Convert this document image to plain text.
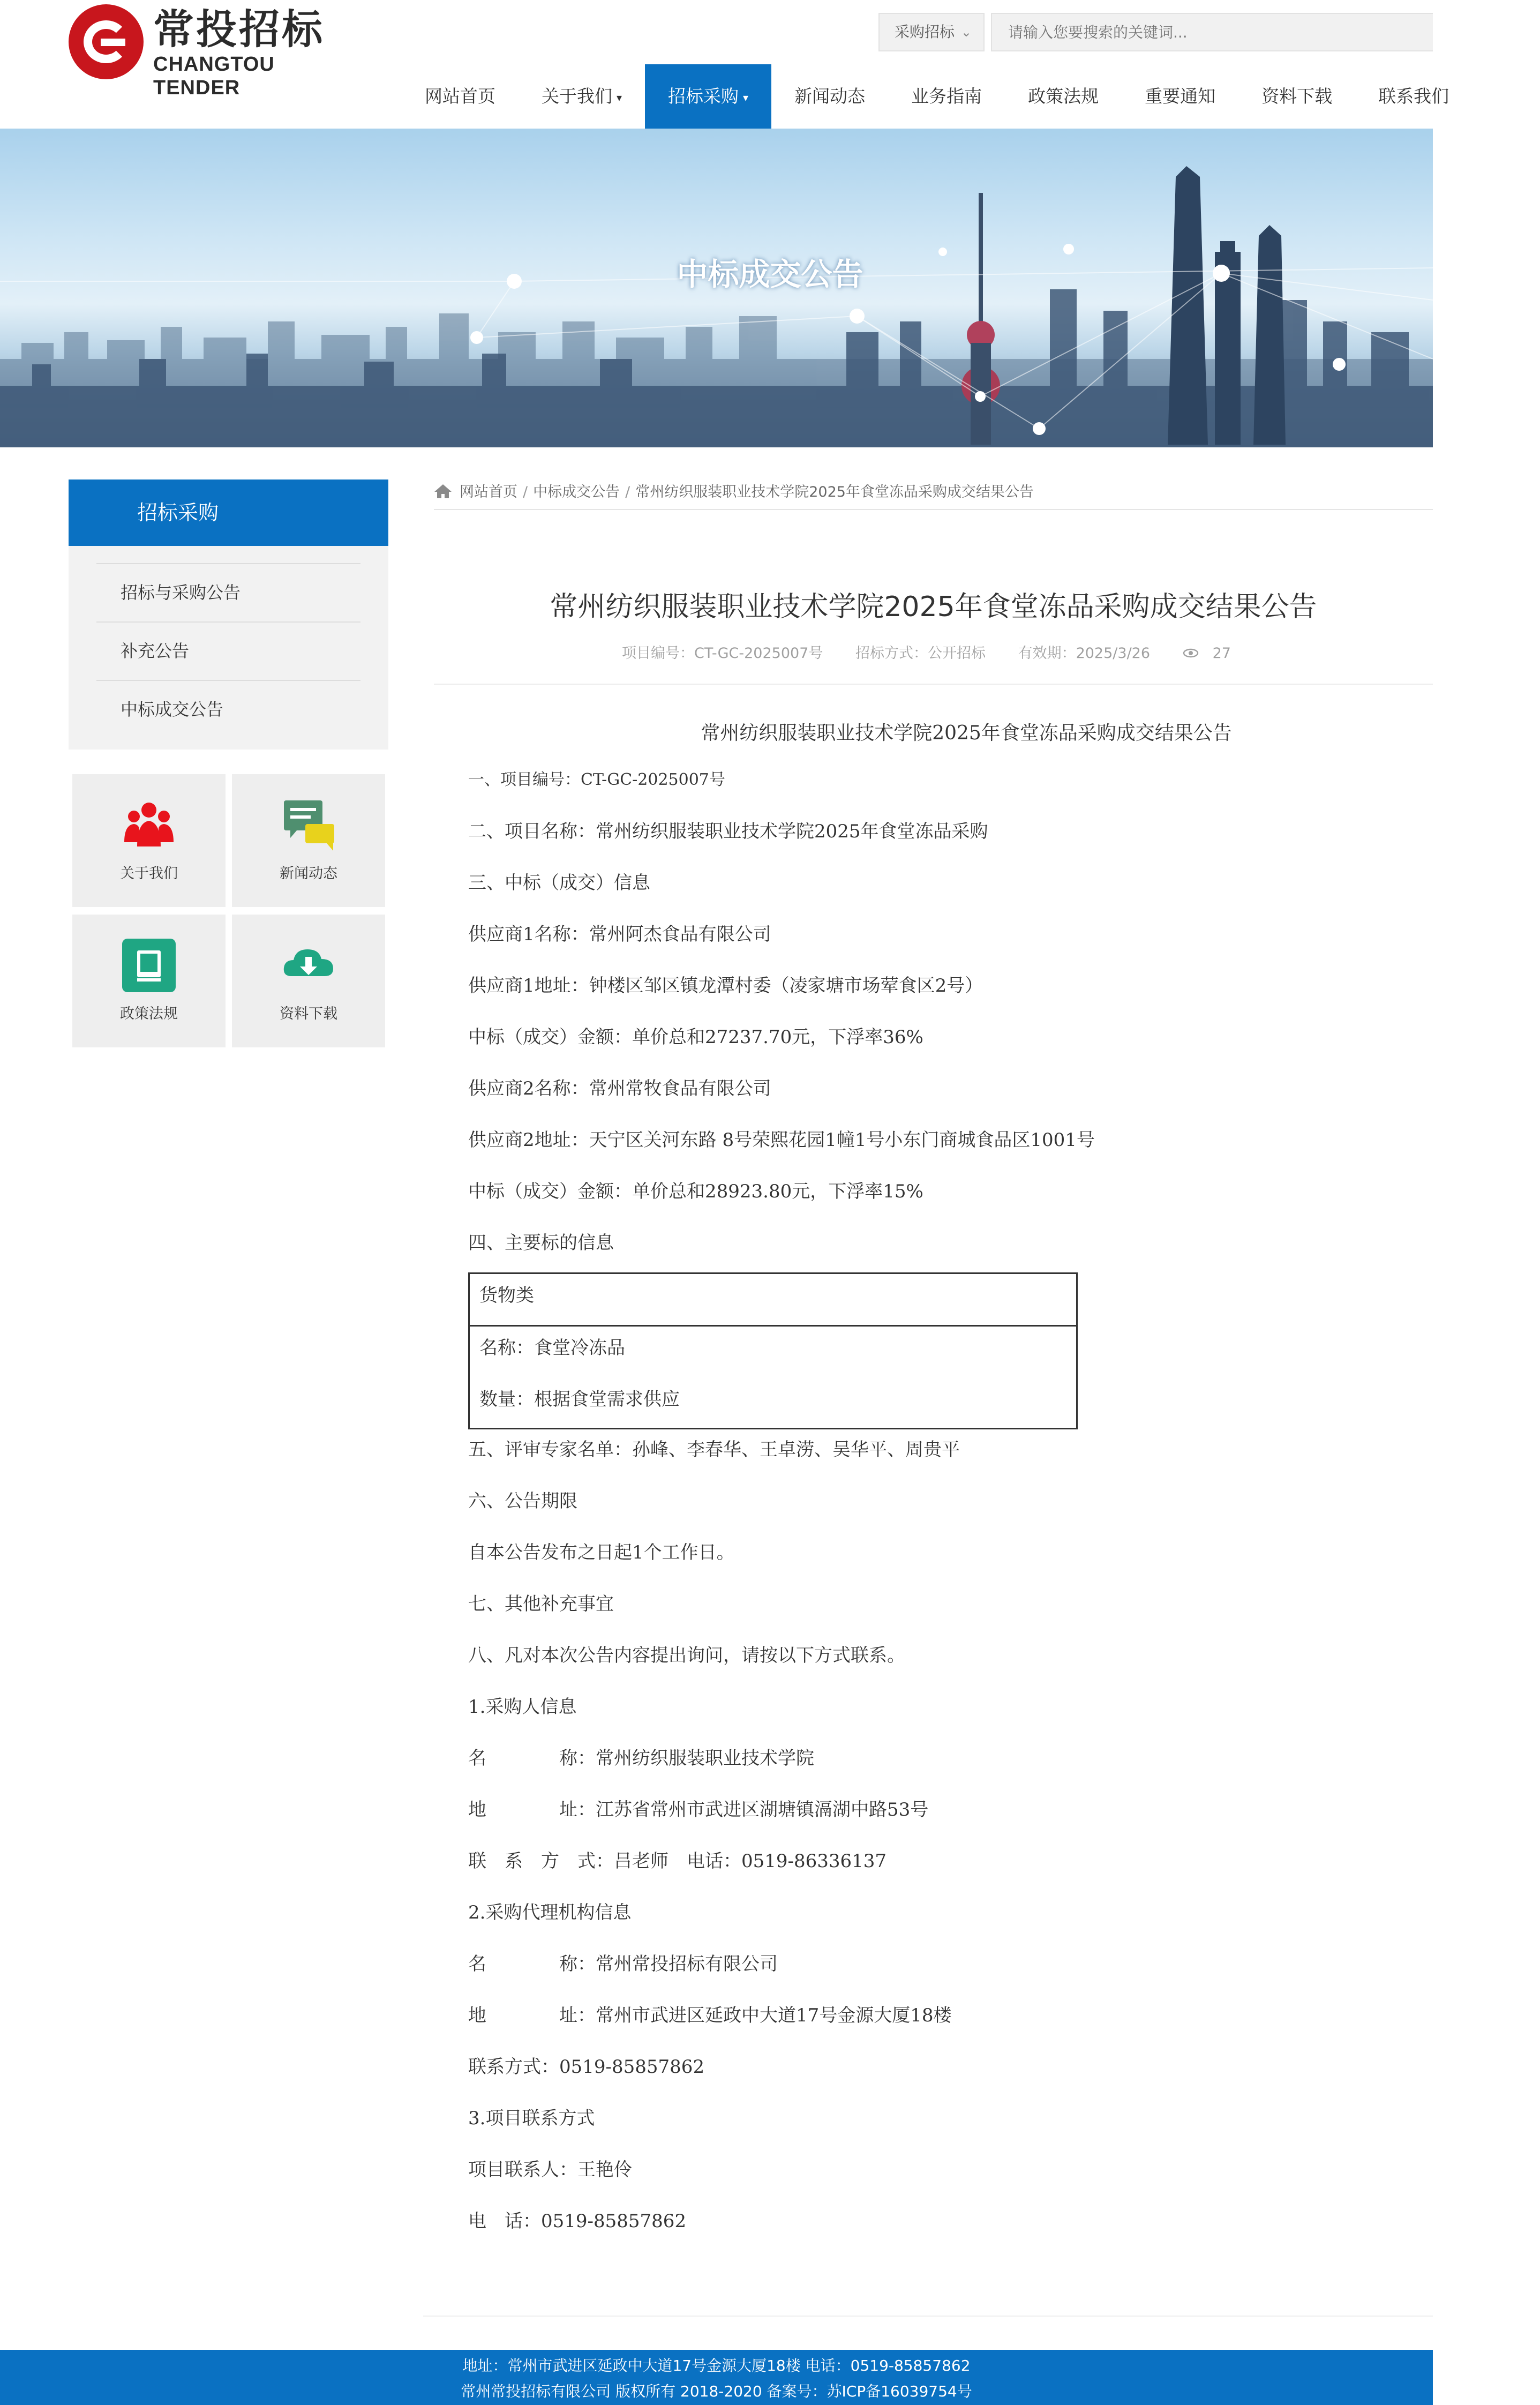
常投招标
CHANGTOU TENDER
采购招标 ⌄
请输入您要搜索的关键词...
网站首页	关于我们 ▾	招标采购 ▾	新闻动态	业务指南	政策法规	重要通知	资料下载	联系我们
中标成交公告
招标采购
招标与采购公告
补充公告
中标成交公告
关于我们	新闻动态
政策法规	资料下载
网站首页 / 中标成交公告 / 常州纺织服装职业技术学院2025年食堂冻品采购成交结果公告
常州纺织服装职业技术学院2025年食堂冻品采购成交结果公告
项目编号：CT-GC-2025007号 招标方式：公开招标 有效期：2025/3/26	27
常州纺织服装职业技术学院2025年食堂冻品采购成交结果公告
一、项目编号：CT-GC-2025007号
二、项目名称：常州纺织服装职业技术学院2025年食堂冻品采购
三、中标（成交）信息
供应商1名称：常州阿杰食品有限公司
供应商1地址：钟楼区邹区镇龙潭村委（凌家塘市场荤食区2号）
中标（成交）金额：单价总和27237.70元，下浮率36%
供应商2名称：常州常牧食品有限公司
供应商2地址：天宁区关河东路 8号荣熙花园1幢1号小东门商城食品区1001号
中标（成交）金额：单价总和28923.80元，下浮率15%
四、主要标的信息
货物类
名称：食堂冷冻品
数量：根据食堂需求供应
五、评审专家名单：孙峰、李春华、王卓涝、吴华平、周贵平
六、公告期限
自本公告发布之日起1个工作日。
七、其他补充事宜
八、凡对本次公告内容提出询问，请按以下方式联系。
1.采购人信息
名　　　　称：常州纺织服装职业技术学院
地　　　　址：江苏省常州市武进区湖塘镇滆湖中路53号
联　系　方　式：吕老师　电话：0519-86336137
2.采购代理机构信息
名　　　　称：常州常投招标有限公司
地　　　　址：常州市武进区延政中大道17号金源大厦18楼
联系方式：0519-85857862
3.项目联系方式
项目联系人：王艳伶
电　话：0519-85857862
地址：常州市武进区延政中大道17号金源大厦18楼 电话：0519-85857862
常州常投招标有限公司 版权所有 2018-2020 备案号：苏ICP备16039754号
